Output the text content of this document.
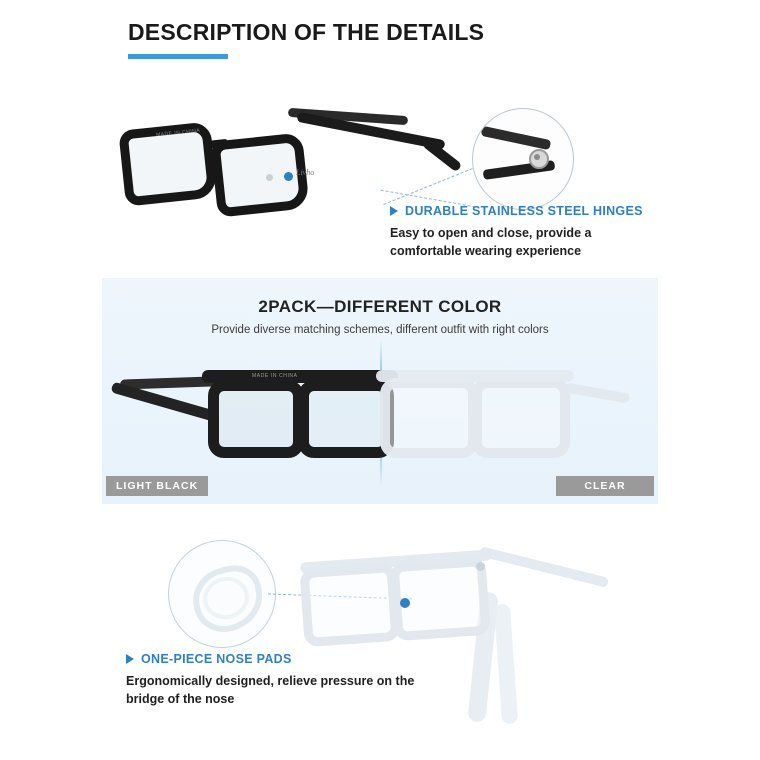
DESCRIPTION OF THE DETAILS
Livho
MADE IN CHINA
DURABLE STAINLESS STEEL HINGES
Easy to open and close, provide a comfortable wearing experience
2PACK—DIFFERENT COLOR
Provide diverse matching schemes, different outfit with right colors
MADE IN CHINA
LIGHT BLACK	CLEAR
ONE-PIECE NOSE PADS
Ergonomically designed, relieve pressure on the bridge of the nose
